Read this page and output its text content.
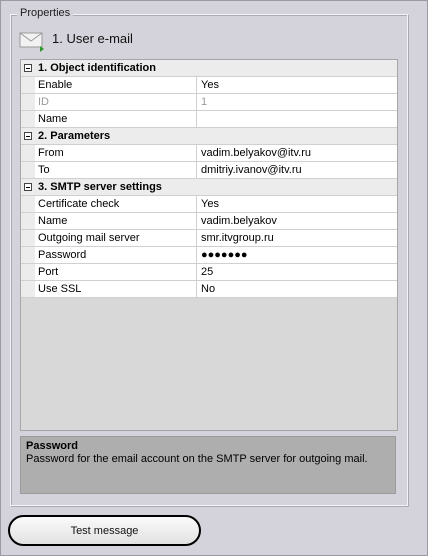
Properties
1. User e-mail
1. Object identification
Enable	Yes
ID	1
Name
2. Parameters
From	vadim.belyakov@itv.ru
To	dmitriy.ivanov@itv.ru
3. SMTP server settings
Certificate check	Yes
Name	vadim.belyakov
Outgoing mail server	smr.itvgroup.ru
Password	●●●●●●●
Port	25
Use SSL	No
Password
Password for the email account on the SMTP server for outgoing mail.
Test message
